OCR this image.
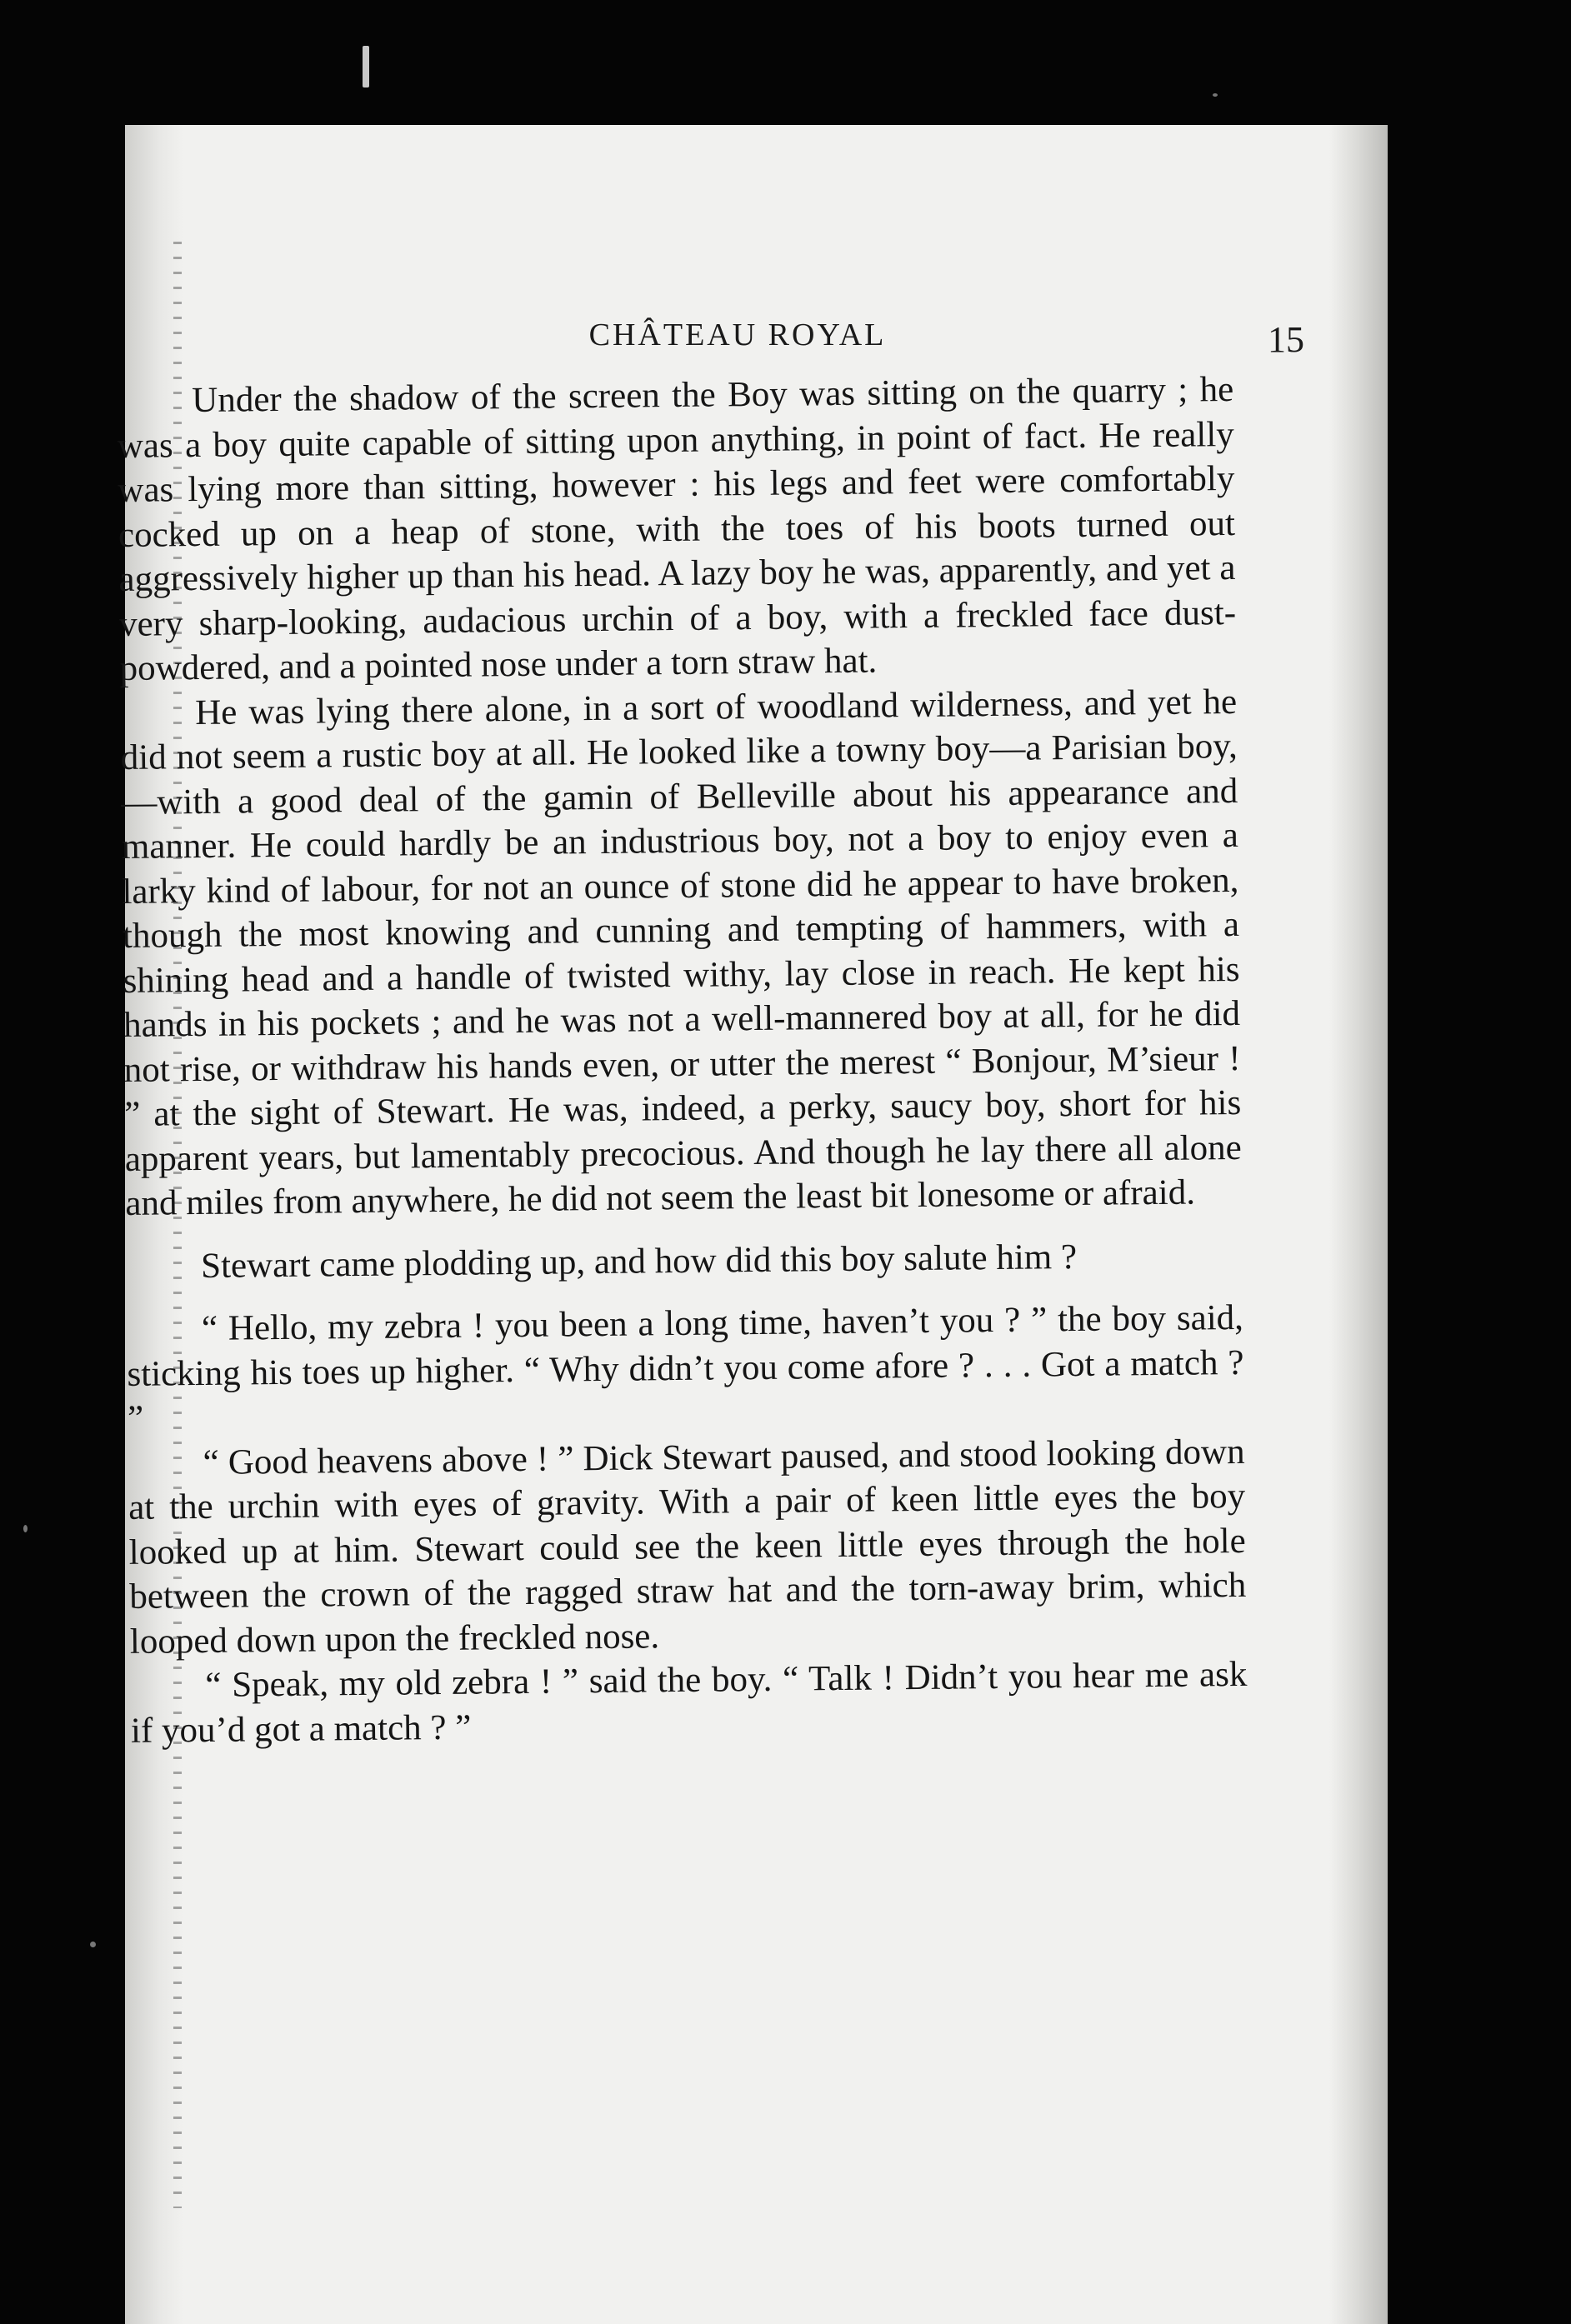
CHÂTEAU ROYAL	15

Under the shadow of the screen the Boy was sitting on the quarry ; he was a boy quite capable of sitting upon anything, in point of fact. He really was lying more than sitting, however : his legs and feet were comfortably cocked up on a heap of stone, with the toes of his boots turned out aggressively higher up than his head. A lazy boy he was, apparently, and yet a very sharp-looking, audacious urchin of a boy, with a freckled face dust-powdered, and a pointed nose under a torn straw hat.

He was lying there alone, in a sort of woodland wilderness, and yet he did not seem a rustic boy at all. He looked like a towny boy—a Parisian boy,—with a good deal of the gamin of Belleville about his appearance and manner. He could hardly be an industrious boy, not a boy to enjoy even a larky kind of labour, for not an ounce of stone did he appear to have broken, though the most knowing and cunning and tempting of hammers, with a shining head and a handle of twisted withy, lay close in reach. He kept his hands in his pockets ; and he was not a well-mannered boy at all, for he did not rise, or withdraw his hands even, or utter the merest “ Bonjour, M’sieur ! ” at the sight of Stewart. He was, indeed, a perky, saucy boy, short for his apparent years, but lamentably precocious. And though he lay there all alone and miles from anywhere, he did not seem the least bit lonesome or afraid.

Stewart came plodding up, and how did this boy salute him ?

“ Hello, my zebra ! you been a long time, haven’t you ? ” the boy said, sticking his toes up higher. “ Why didn’t you come afore ? . . . Got a match ? ”

“ Good heavens above ! ” Dick Stewart paused, and stood looking down at the urchin with eyes of gravity. With a pair of keen little eyes the boy looked up at him. Stewart could see the keen little eyes through the hole between the crown of the ragged straw hat and the torn-away brim, which looped down upon the freckled nose.

“ Speak, my old zebra ! ” said the boy. “ Talk ! Didn’t you hear me ask if you’d got a match ? ”
